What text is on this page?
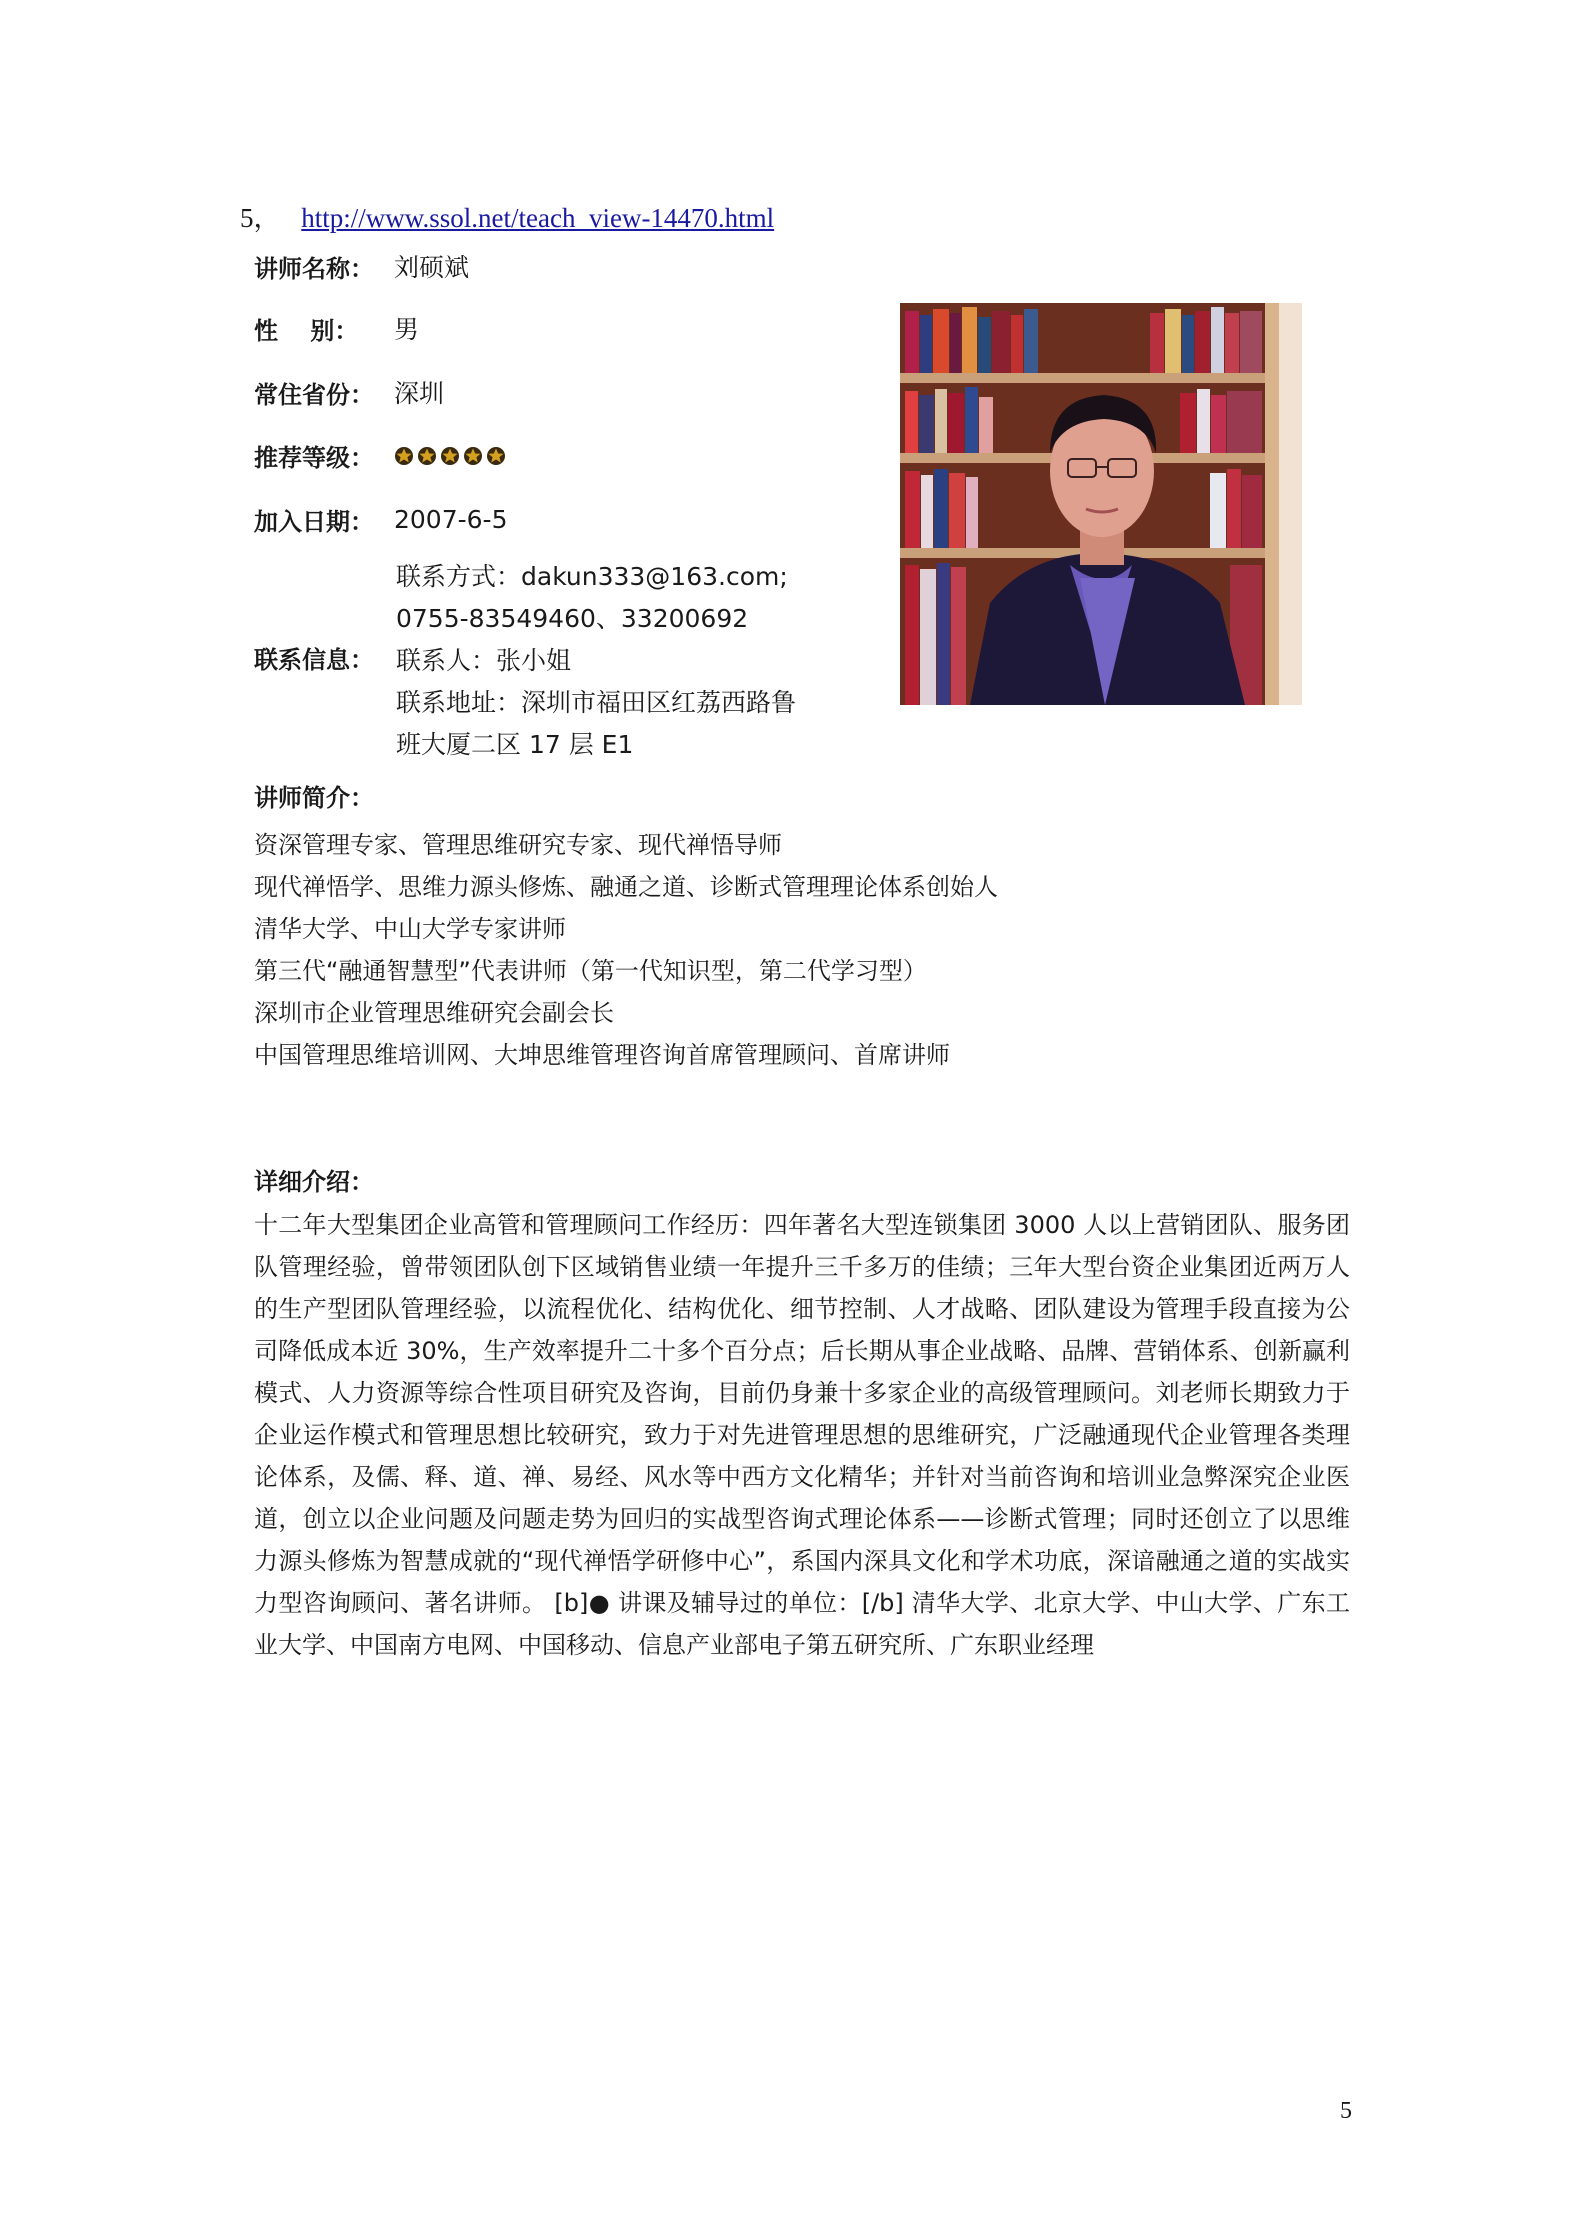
5， http://www.ssol.net/teach_view-14470.html
讲师名称： 刘硕斌
性　 别：	男
常住省份： 深圳
推荐等级：
加入日期： 2007-6-5
联系方式：dakun333@163.com;
0755-83549460、33200692
联系人：张小姐
联系地址：深圳市福田区红荔西路鲁
班大厦二区 17 层 E1
联系信息：
讲师简介：
资深管理专家、管理思维研究专家、现代禅悟导师
现代禅悟学、思维力源头修炼、融通之道、诊断式管理理论体系创始人
清华大学、中山大学专家讲师
第三代“融通智慧型”代表讲师（第一代知识型，第二代学习型）
深圳市企业管理思维研究会副会长
中国管理思维培训网、大坤思维管理咨询首席管理顾问、首席讲师
详细介绍：
十二年大型集团企业高管和管理顾问工作经历：四年著名大型连锁集团 3000 人以上营销团队、服务团队管理经验，曾带领团队创下区域销售业绩一年提升三千多万的佳绩；三年大型台资企业集团近两万人的生产型团队管理经验，以流程优化、结构优化、细节控制、人才战略、团队建设为管理手段直接为公司降低成本近 30%，生产效率提升二十多个百分点；后长期从事企业战略、品牌、营销体系、创新赢利模式、人力资源等综合性项目研究及咨询，目前仍身兼十多家企业的高级管理顾问。刘老师长期致力于企业运作模式和管理思想比较研究，致力于对先进管理思想的思维研究，广泛融通现代企业管理各类理论体系，及儒、释、道、禅、易经、风水等中西方文化精华；并针对当前咨询和培训业急弊深究企业医道，创立以企业问题及问题走势为回归的实战型咨询式理论体系——诊断式管理；同时还创立了以思维力源头修炼为智慧成就的“现代禅悟学研修中心”，系国内深具文化和学术功底，深谙融通之道的实战实力型咨询顾问、著名讲师。 [b]● 讲课及辅导过的单位：[/b] 清华大学、北京大学、中山大学、广东工业大学、中国南方电网、中国移动、信息产业部电子第五研究所、广东职业经理
5
